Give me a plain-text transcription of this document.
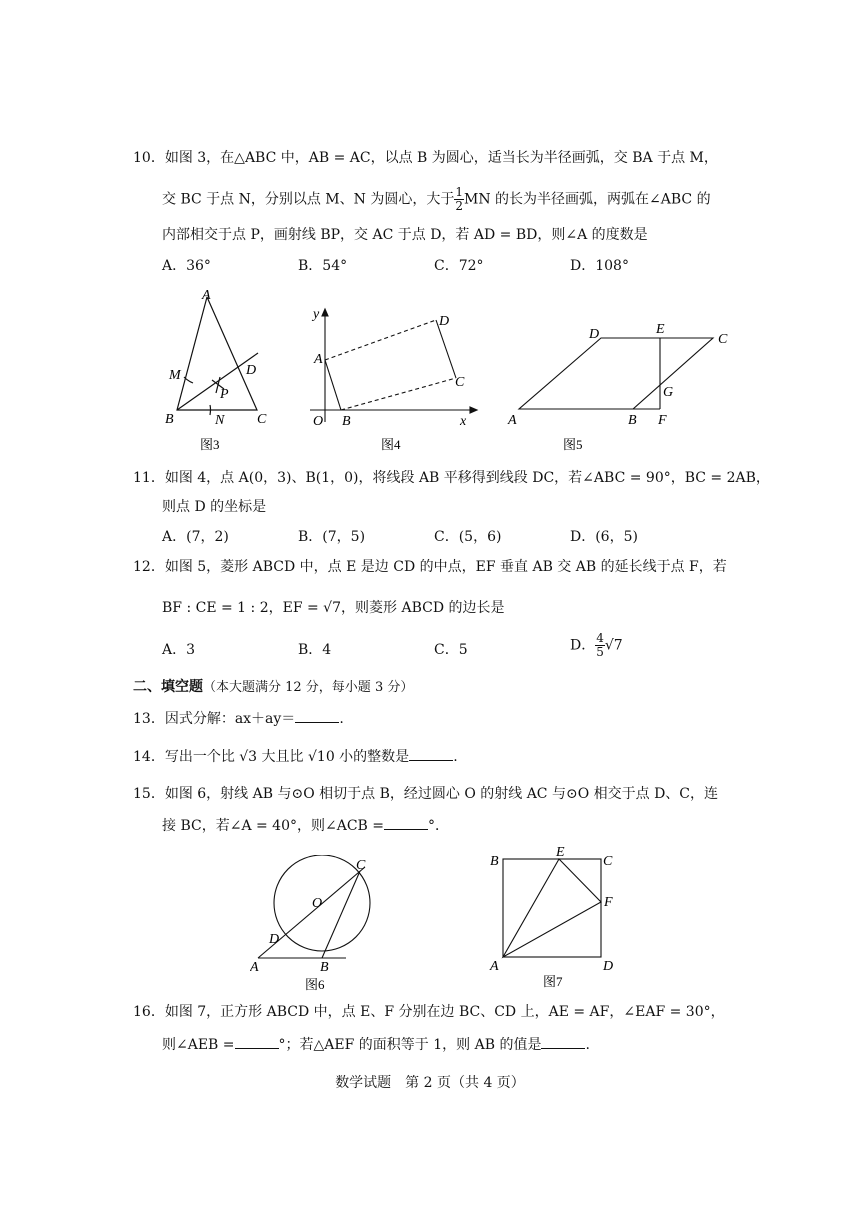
10．如图 3，在△ABC 中，AB = AC，以点 B 为圆心，适当长为半径画弧，交 BA 于点 M，
交 BC 于点 N，分别以点 M、N 为圆心，大于 $\frac{1}{2}$ MN 的长为半径画弧，两弧在∠ABC 的
内部相交于点 P，画射线 BP，交 AC 于点 D，若 AD = BD，则∠A 的度数是
A．36°	B．54°	C．72°	D．108°
A
B	C
M
N
P
D
图3
y
x
O
A
B
C
D
图4
A	B
C
D	E
F
G
图5
11．如图 4，点 A(0，3)、B(1，0)，将线段 AB 平移得到线段 DC，若∠ABC = 90°，BC = 2AB，
则点 D 的坐标是
A．(7，2)	B．(7，5)	C．(5，6)	D．(6，5)
12．如图 5，菱形 ABCD 中，点 E 是边 CD 的中点，EF 垂直 AB 交 AB 的延长线于点 F，若
BF : CE = 1 : 2，EF = √7，则菱形 ABCD 的边长是
A．3	B．4	C．5	D． $\frac{4}{5} √7$
二、填空题（本大题满分 12 分，每小题 3 分）
13．因式分解：ax＋ay＝	.
14．写出一个比 √3 大且比 √10 小的整数是	.
15．如图 6，射线 AB 与⊙O 相切于点 B，经过圆心 O 的射线 AC 与⊙O 相交于点 D、C，连
接 BC，若∠A = 40°，则∠ACB =	°．
A	B
C
D
O
图6
B	C
A	D
E
F
图7
16．如图 7，正方形 ABCD 中，点 E、F 分别在边 BC、CD 上，AE = AF，∠EAF = 30°，
则∠AEB =	°；若△AEF 的面积等于 1，则 AB 的值是	.
数学试题　第 2 页（共 4 页）
